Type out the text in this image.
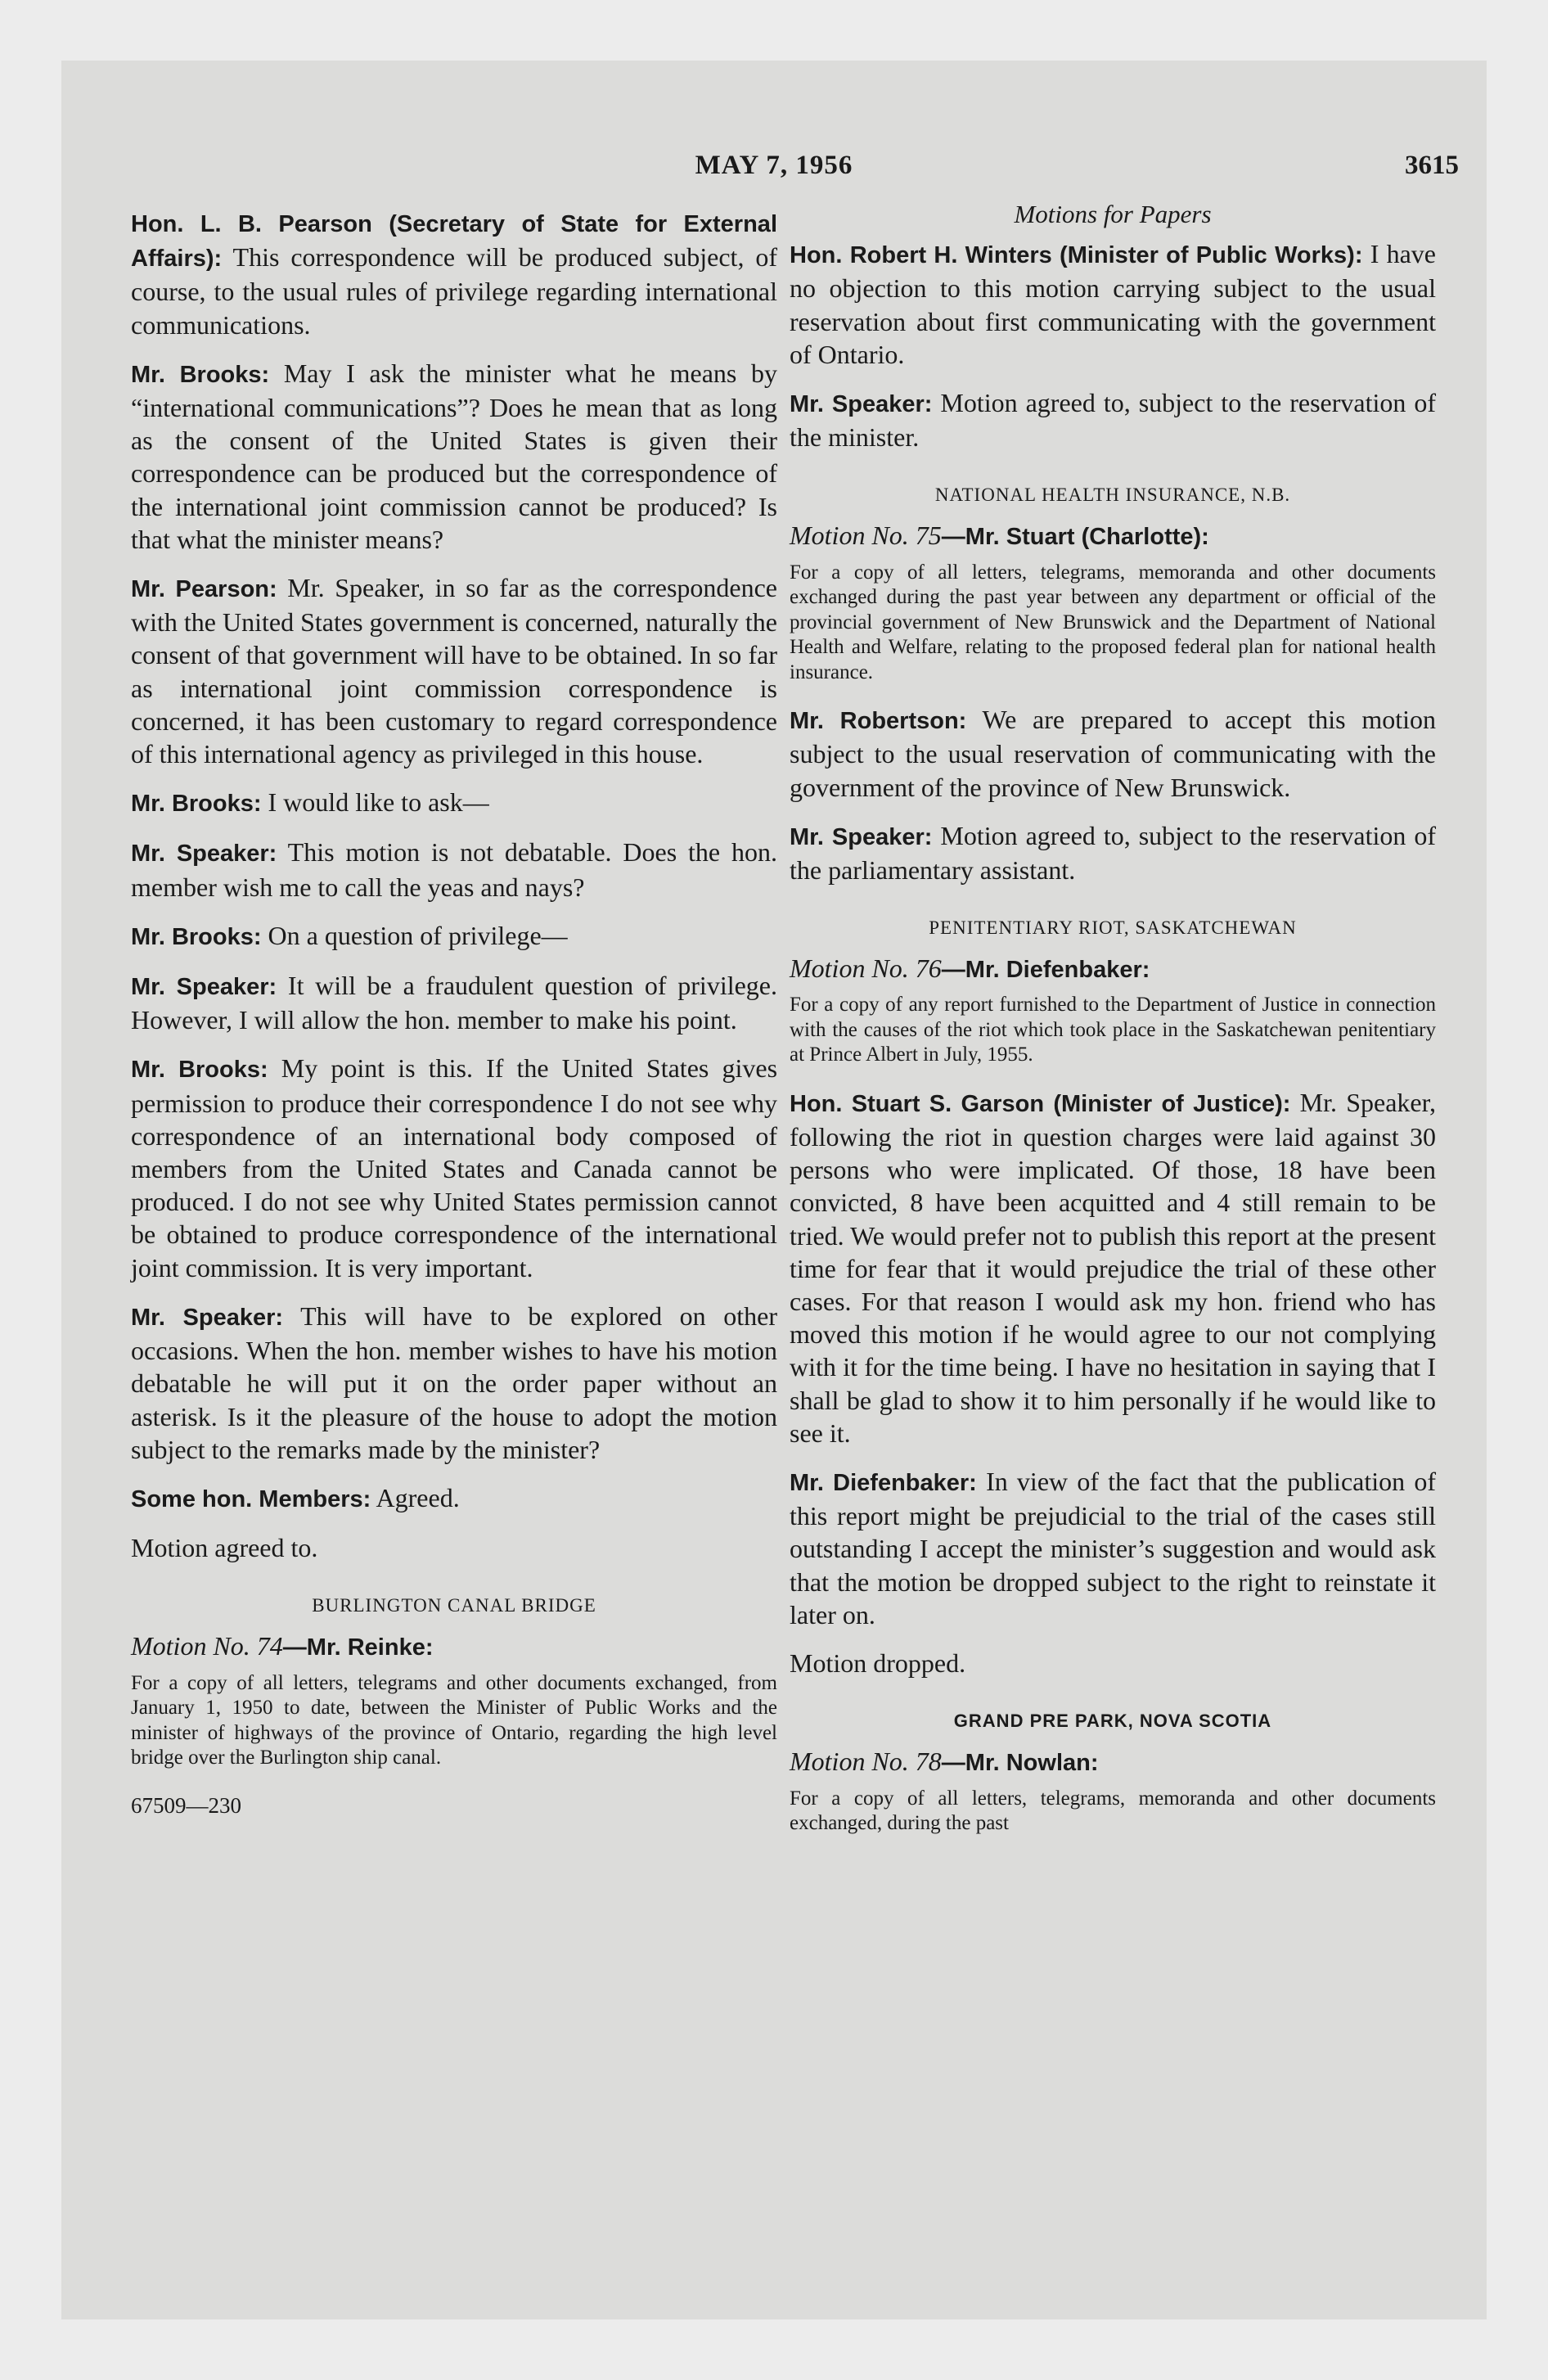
MAY 7, 1956	3615

Hon. L. B. Pearson (Secretary of State for External Affairs): This correspondence will be produced subject, of course, to the usual rules of privilege regarding international communications.

Mr. Brooks: May I ask the minister what he means by “international communications”? Does he mean that as long as the consent of the United States is given their correspondence can be produced but the correspondence of the international joint commission cannot be produced? Is that what the minister means?

Mr. Pearson: Mr. Speaker, in so far as the correspondence with the United States government is concerned, naturally the consent of that government will have to be obtained. In so far as international joint commission correspondence is concerned, it has been customary to regard correspondence of this international agency as privileged in this house.

Mr. Brooks: I would like to ask—

Mr. Speaker: This motion is not debatable. Does the hon. member wish me to call the yeas and nays?

Mr. Brooks: On a question of privilege—

Mr. Speaker: It will be a fraudulent question of privilege. However, I will allow the hon. member to make his point.

Mr. Brooks: My point is this. If the United States gives permission to produce their correspondence I do not see why correspondence of an international body composed of members from the United States and Canada cannot be produced. I do not see why United States permission cannot be obtained to produce correspondence of the international joint commission. It is very important.

Mr. Speaker: This will have to be explored on other occasions. When the hon. member wishes to have his motion debatable he will put it on the order paper without an asterisk. Is it the pleasure of the house to adopt the motion subject to the remarks made by the minister?

Some hon. Members: Agreed.

Motion agreed to.

BURLINGTON CANAL BRIDGE
Motion No. 74—Mr. Reinke:
For a copy of all letters, telegrams and other documents exchanged, from January 1, 1950 to date, between the Minister of Public Works and the minister of highways of the province of Ontario, regarding the high level bridge over the Burlington ship canal.
67509—230
Motions for Papers

Hon. Robert H. Winters (Minister of Public Works): I have no objection to this motion carrying subject to the usual reservation about first communicating with the government of Ontario.

Mr. Speaker: Motion agreed to, subject to the reservation of the minister.

NATIONAL HEALTH INSURANCE, N.B.
Motion No. 75—Mr. Stuart (Charlotte):
For a copy of all letters, telegrams, memoranda and other documents exchanged during the past year between any department or official of the provincial government of New Brunswick and the Department of National Health and Welfare, relating to the proposed federal plan for national health insurance.

Mr. Robertson: We are prepared to accept this motion subject to the usual reservation of communicating with the government of the province of New Brunswick.

Mr. Speaker: Motion agreed to, subject to the reservation of the parliamentary assistant.

PENITENTIARY RIOT, SASKATCHEWAN
Motion No. 76—Mr. Diefenbaker:
For a copy of any report furnished to the Department of Justice in connection with the causes of the riot which took place in the Saskatchewan penitentiary at Prince Albert in July, 1955.

Hon. Stuart S. Garson (Minister of Justice): Mr. Speaker, following the riot in question charges were laid against 30 persons who were implicated. Of those, 18 have been convicted, 8 have been acquitted and 4 still remain to be tried. We would prefer not to publish this report at the present time for fear that it would prejudice the trial of these other cases. For that reason I would ask my hon. friend who has moved this motion if he would agree to our not complying with it for the time being. I have no hesitation in saying that I shall be glad to show it to him personally if he would like to see it.

Mr. Diefenbaker: In view of the fact that the publication of this report might be prejudicial to the trial of the cases still outstanding I accept the minister’s suggestion and would ask that the motion be dropped subject to the right to reinstate it later on.

Motion dropped.

GRAND PRE PARK, NOVA SCOTIA
Motion No. 78—Mr. Nowlan:
For a copy of all letters, telegrams, memoranda and other documents exchanged, during the past
